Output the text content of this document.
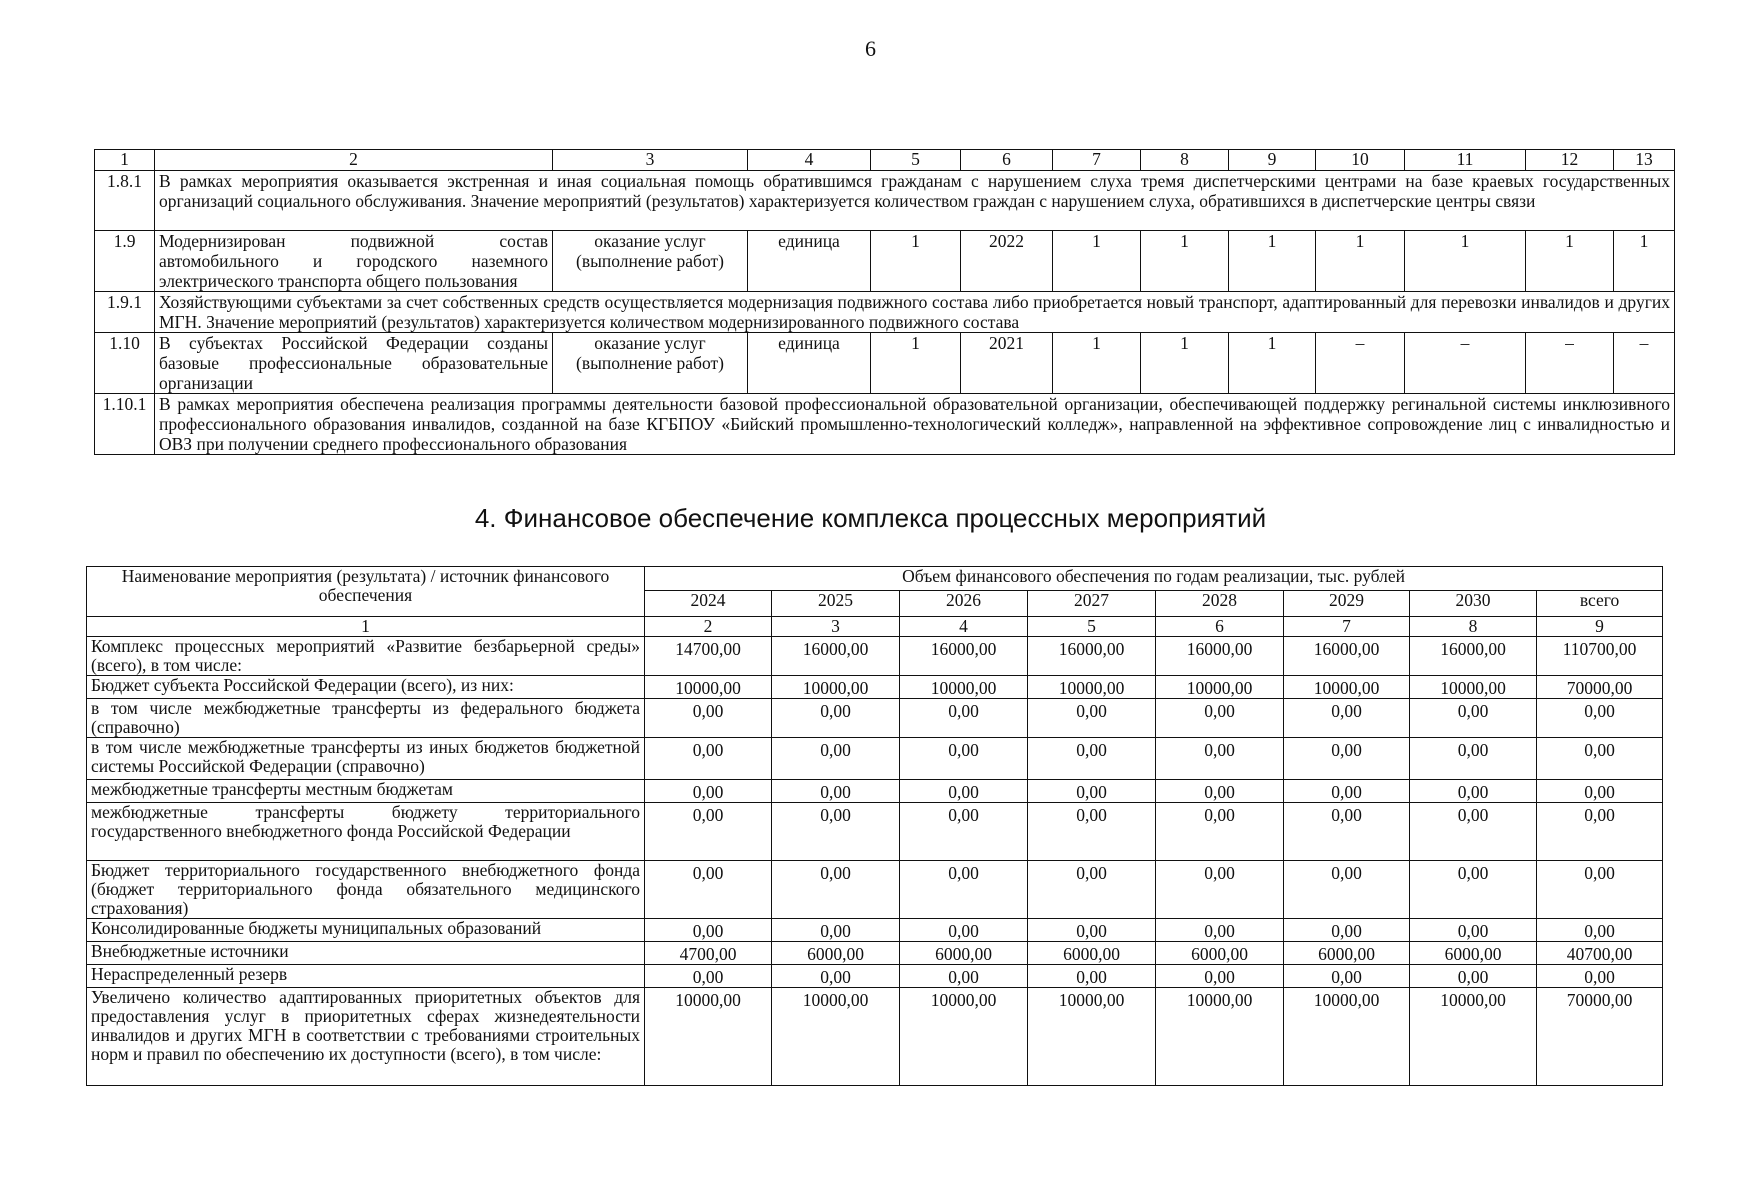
6
1	2	3	4	5	6	7	8	9	10	11	12	13
1.8.1	В рамках мероприятия оказывается экстренная и иная социальная помощь обратившимся гражданам с нарушением слуха тремя диспетчерскими центрами на базе краевых государственных организаций социального обслуживания. Значение мероприятий (результатов) характеризуется количеством граждан с нарушением слуха, обратившихся в диспетчерские центры связи											
1.9	Модернизирован подвижной состав автомобильного и городского наземного электрического транспорта общего пользования	оказание услуг (выполнение работ)	единица	1	2022	1	1	1	1	1	1	1
1.9.1	Хозяйствующими субъектами за счет собственных средств осуществляется модернизация подвижного состава либо приобретается новый транспорт, адаптированный для перевозки инвалидов и других МГН. Значение мероприятий (результатов) характеризуется количеством модернизированного подвижного состава											
1.10	В субъектах Российской Федерации созданы базовые профессиональные образовательные организации	оказание услуг (выполнение работ)	единица	1	2021	1	1	1	–	–	–	–
1.10.1	В рамках мероприятия обеспечена реализация программы деятельности базовой профессиональной образовательной организации, обеспечивающей поддержку регинальной системы инклюзивного профессионального образования инвалидов, созданной на базе КГБПОУ «Бийский промышленно-технологический колледж», направленной на эффективное сопровождение лиц с инвалидностью и ОВЗ при получении среднего профессионального образования											
4. Финансовое обеспечение комплекса процессных мероприятий
Наименование мероприятия (результата) / источник финансового обеспечения	Объем финансового обеспечения по годам реализации, тыс. рублей							
	2024	2025	2026	2027	2028	2029	2030	всего
1	2	3	4	5	6	7	8	9
Комплекс процессных мероприятий «Развитие безбарьерной среды» (всего), в том числе:	14700,00	16000,00	16000,00	16000,00	16000,00	16000,00	16000,00	110700,00
Бюджет субъекта Российской Федерации (всего), из них:	10000,00	10000,00	10000,00	10000,00	10000,00	10000,00	10000,00	70000,00
в том числе межбюджетные трансферты из федерального бюджета (справочно)	0,00	0,00	0,00	0,00	0,00	0,00	0,00	0,00
в том числе межбюджетные трансферты из иных бюджетов бюджетной системы Российской Федерации (справочно)	0,00	0,00	0,00	0,00	0,00	0,00	0,00	0,00
межбюджетные трансферты местным бюджетам	0,00	0,00	0,00	0,00	0,00	0,00	0,00	0,00
межбюджетные трансферты бюджету территориального государственного внебюджетного фонда Российской Федерации	0,00	0,00	0,00	0,00	0,00	0,00	0,00	0,00
Бюджет территориального государственного внебюджетного фонда (бюджет территориального фонда обязательного медицинского страхования)	0,00	0,00	0,00	0,00	0,00	0,00	0,00	0,00
Консолидированные бюджеты муниципальных образований	0,00	0,00	0,00	0,00	0,00	0,00	0,00	0,00
Внебюджетные источники	4700,00	6000,00	6000,00	6000,00	6000,00	6000,00	6000,00	40700,00
Нераспределенный резерв	0,00	0,00	0,00	0,00	0,00	0,00	0,00	0,00
Увеличено количество адаптированных приоритетных объектов для предоставления услуг в приоритетных сферах жизнедеятельности инвалидов и других МГН в соответствии с требованиями строительных норм и правил по обеспечению их доступности (всего), в том числе:	10000,00	10000,00	10000,00	10000,00	10000,00	10000,00	10000,00	70000,00
